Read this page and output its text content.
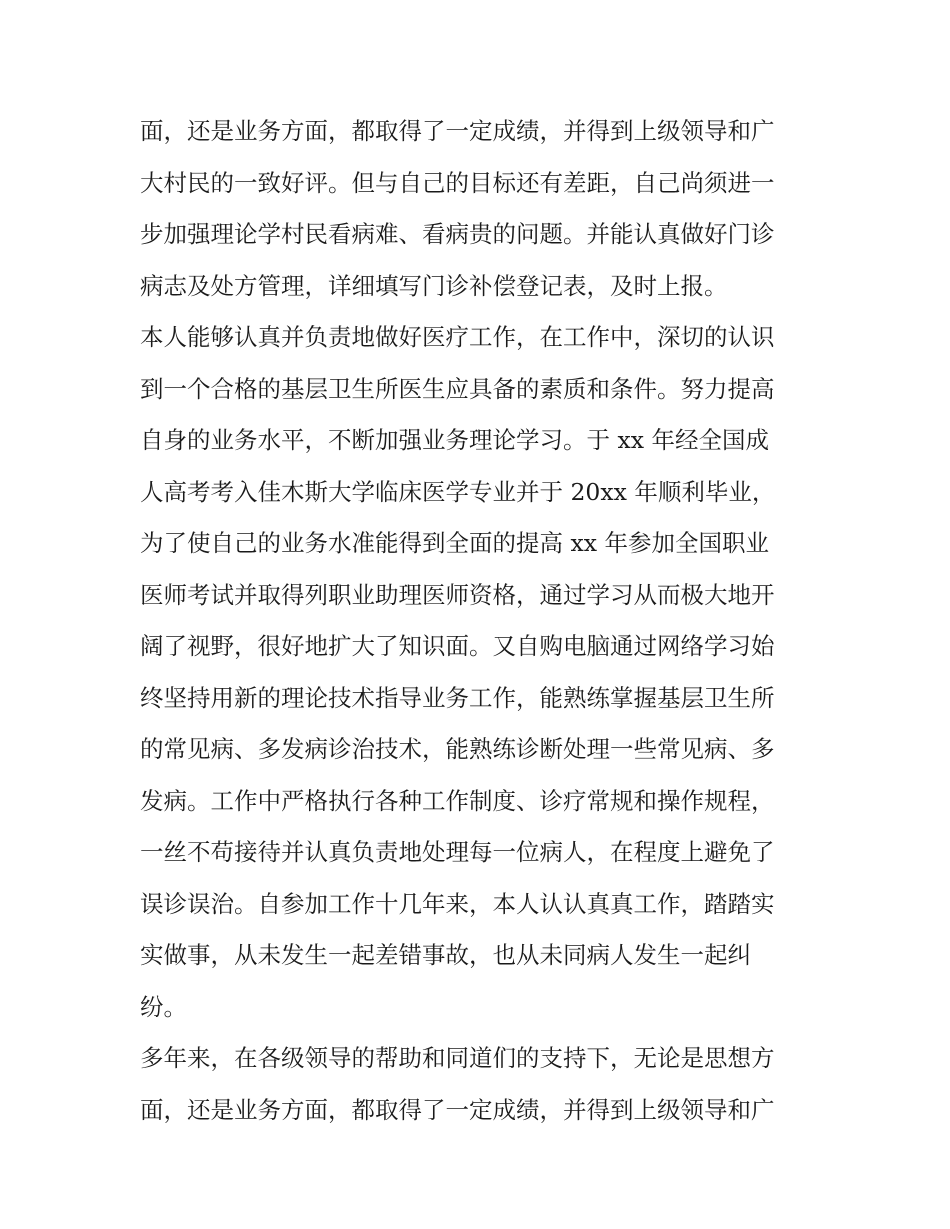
面，还是业务方面，都取得了一定成绩，并得到上级领导和广
大村民的一致好评。但与自己的目标还有差距，自己尚须进一
步加强理论学村民看病难、看病贵的问题。并能认真做好门诊
病志及处方管理，详细填写门诊补偿登记表，及时上报。
本人能够认真并负责地做好医疗工作，在工作中，深切的认识
到一个合格的基层卫生所医生应具备的素质和条件。努力提高
自身的业务水平，不断加强业务理论学习。于 xx 年经全国成
人高考考入佳木斯大学临床医学专业并于 20xx 年顺利毕业，
为了使自己的业务水准能得到全面的提高 xx 年参加全国职业
医师考试并取得列职业助理医师资格，通过学习从而极大地开
阔了视野，很好地扩大了知识面。又自购电脑通过网络学习始
终坚持用新的理论技术指导业务工作，能熟练掌握基层卫生所
的常见病、多发病诊治技术，能熟练诊断处理一些常见病、多
发病。工作中严格执行各种工作制度、诊疗常规和操作规程，
一丝不苟接待并认真负责地处理每一位病人，在程度上避免了
误诊误治。自参加工作十几年来，本人认认真真工作，踏踏实
实做事，从未发生一起差错事故，也从未同病人发生一起纠
纷。
多年来，在各级领导的帮助和同道们的支持下，无论是思想方
面，还是业务方面，都取得了一定成绩，并得到上级领导和广
